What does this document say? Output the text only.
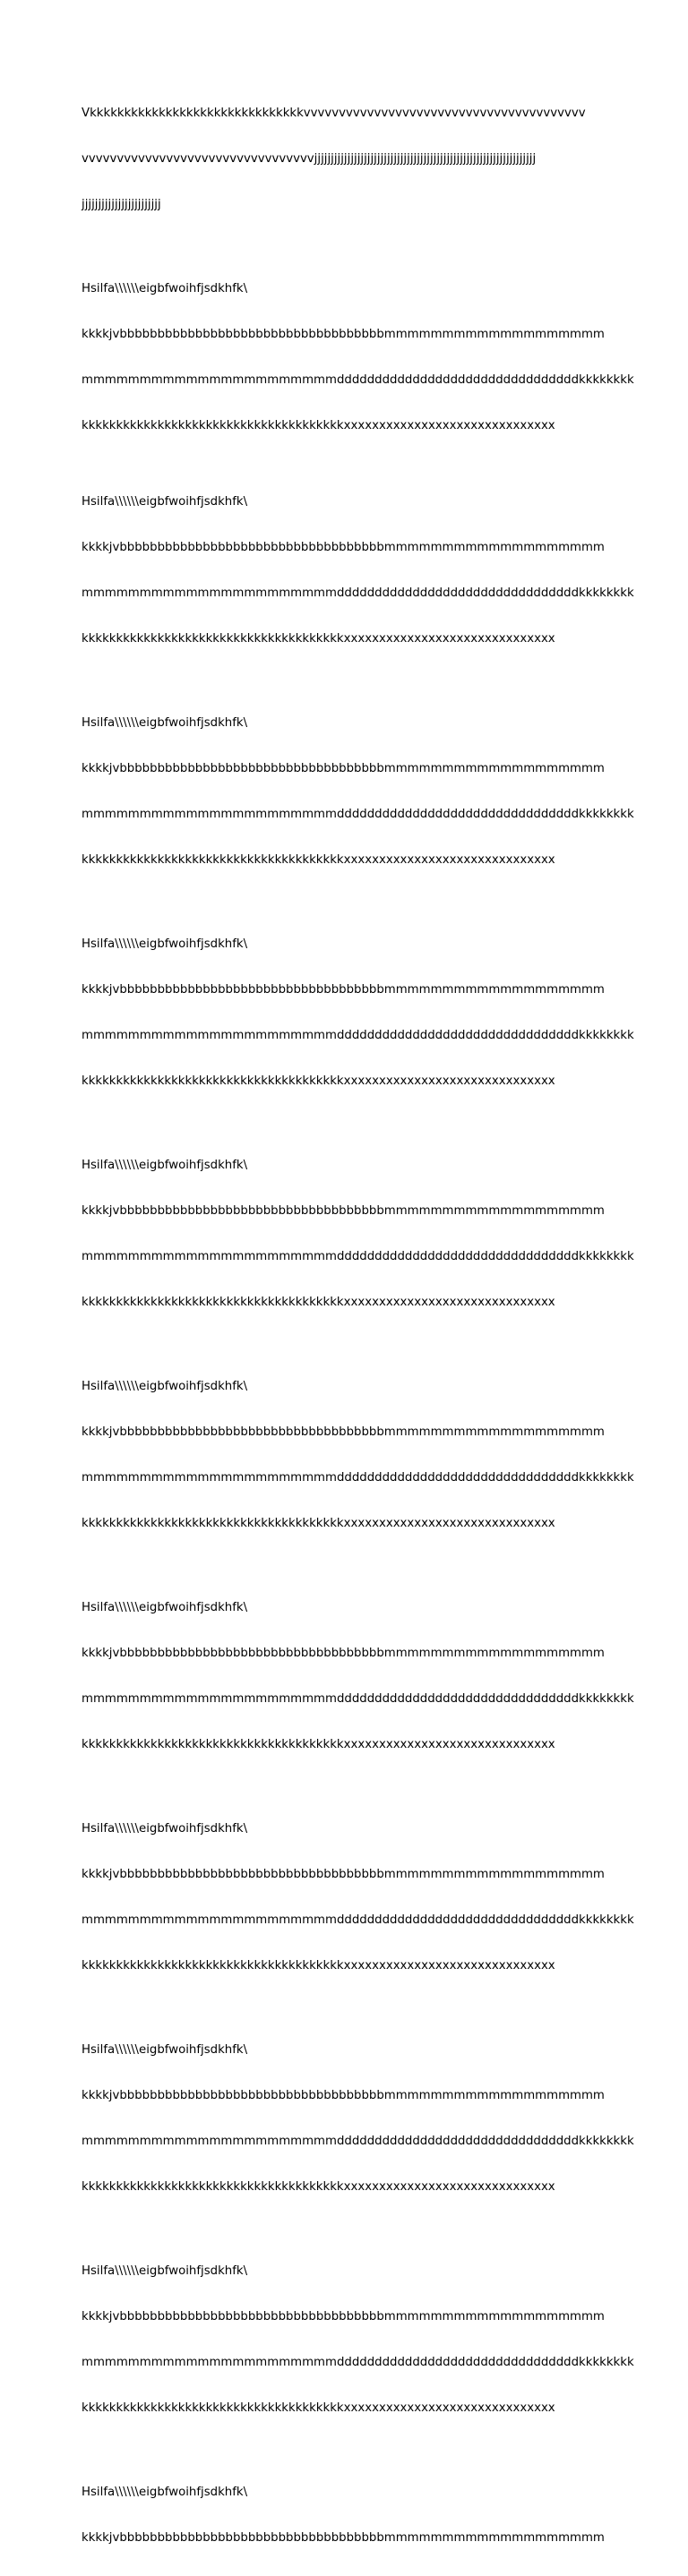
Vkkkkkkkkkkkkkkkkkkkkkkkkkkkkkkkvvvvvvvvvvvvvvvvvvvvvvvvvvvvvvvvvvvvvvvv

vvvvvvvvvvvvvvvvvvvvvvvvvvvvvvvvvjjjjjjjjjjjjjjjjjjjjjjjjjjjjjjjjjjjjjjjjjjjjjjjjjjjjjjjjjjjjjjjjjjj

jjjjjjjjjjjjjjjjjjjjjjjj

Hsilfa\\\\\\eigbfwoihfjsdkhfk\

kkkkjvbbbbbbbbbbbbbbbbbbbbbbbbbbbbbbbbbbbmmmmmmmmmmmmmmmmmmm

mmmmmmmmmmmmmmmmmmmmmmddddddddddddddddddddddddddddddddkkkkkkkk

kkkkkkkkkkkkkkkkkkkkkkkkkkkkkkkkkkkkkkxxxxxxxxxxxxxxxxxxxxxxxxxxxxxx

Hsilfa\\\\\\eigbfwoihfjsdkhfk\

kkkkjvbbbbbbbbbbbbbbbbbbbbbbbbbbbbbbbbbbbmmmmmmmmmmmmmmmmmmm

mmmmmmmmmmmmmmmmmmmmmmddddddddddddddddddddddddddddddddkkkkkkkk

kkkkkkkkkkkkkkkkkkkkkkkkkkkkkkkkkkkkkkxxxxxxxxxxxxxxxxxxxxxxxxxxxxxx

Hsilfa\\\\\\eigbfwoihfjsdkhfk\

kkkkjvbbbbbbbbbbbbbbbbbbbbbbbbbbbbbbbbbbbmmmmmmmmmmmmmmmmmmm

mmmmmmmmmmmmmmmmmmmmmmddddddddddddddddddddddddddddddddkkkkkkkk

kkkkkkkkkkkkkkkkkkkkkkkkkkkkkkkkkkkkkkxxxxxxxxxxxxxxxxxxxxxxxxxxxxxx

Hsilfa\\\\\\eigbfwoihfjsdkhfk\

kkkkjvbbbbbbbbbbbbbbbbbbbbbbbbbbbbbbbbbbbmmmmmmmmmmmmmmmmmmm

mmmmmmmmmmmmmmmmmmmmmmddddddddddddddddddddddddddddddddkkkkkkkk

kkkkkkkkkkkkkkkkkkkkkkkkkkkkkkkkkkkkkkxxxxxxxxxxxxxxxxxxxxxxxxxxxxxx

Hsilfa\\\\\\eigbfwoihfjsdkhfk\

kkkkjvbbbbbbbbbbbbbbbbbbbbbbbbbbbbbbbbbbbmmmmmmmmmmmmmmmmmmm

mmmmmmmmmmmmmmmmmmmmmmddddddddddddddddddddddddddddddddkkkkkkkk

kkkkkkkkkkkkkkkkkkkkkkkkkkkkkkkkkkkkkkxxxxxxxxxxxxxxxxxxxxxxxxxxxxxx

Hsilfa\\\\\\eigbfwoihfjsdkhfk\

kkkkjvbbbbbbbbbbbbbbbbbbbbbbbbbbbbbbbbbbbmmmmmmmmmmmmmmmmmmm

mmmmmmmmmmmmmmmmmmmmmmddddddddddddddddddddddddddddddddkkkkkkkk

kkkkkkkkkkkkkkkkkkkkkkkkkkkkkkkkkkkkkkxxxxxxxxxxxxxxxxxxxxxxxxxxxxxx

Hsilfa\\\\\\eigbfwoihfjsdkhfk\

kkkkjvbbbbbbbbbbbbbbbbbbbbbbbbbbbbbbbbbbbmmmmmmmmmmmmmmmmmmm

mmmmmmmmmmmmmmmmmmmmmmddddddddddddddddddddddddddddddddkkkkkkkk

kkkkkkkkkkkkkkkkkkkkkkkkkkkkkkkkkkkkkkxxxxxxxxxxxxxxxxxxxxxxxxxxxxxx

Hsilfa\\\\\\eigbfwoihfjsdkhfk\

kkkkjvbbbbbbbbbbbbbbbbbbbbbbbbbbbbbbbbbbbmmmmmmmmmmmmmmmmmmm

mmmmmmmmmmmmmmmmmmmmmmddddddddddddddddddddddddddddddddkkkkkkkk

kkkkkkkkkkkkkkkkkkkkkkkkkkkkkkkkkkkkkkxxxxxxxxxxxxxxxxxxxxxxxxxxxxxx

Hsilfa\\\\\\eigbfwoihfjsdkhfk\

kkkkjvbbbbbbbbbbbbbbbbbbbbbbbbbbbbbbbbbbbmmmmmmmmmmmmmmmmmmm

mmmmmmmmmmmmmmmmmmmmmmddddddddddddddddddddddddddddddddkkkkkkkk

kkkkkkkkkkkkkkkkkkkkkkkkkkkkkkkkkkkkkkxxxxxxxxxxxxxxxxxxxxxxxxxxxxxx

Hsilfa\\\\\\eigbfwoihfjsdkhfk\

kkkkjvbbbbbbbbbbbbbbbbbbbbbbbbbbbbbbbbbbbmmmmmmmmmmmmmmmmmmm

mmmmmmmmmmmmmmmmmmmmmmddddddddddddddddddddddddddddddddkkkkkkkk

kkkkkkkkkkkkkkkkkkkkkkkkkkkkkkkkkkkkkkxxxxxxxxxxxxxxxxxxxxxxxxxxxxxx

Hsilfa\\\\\\eigbfwoihfjsdkhfk\

kkkkjvbbbbbbbbbbbbbbbbbbbbbbbbbbbbbbbbbbbmmmmmmmmmmmmmmmmmmm
